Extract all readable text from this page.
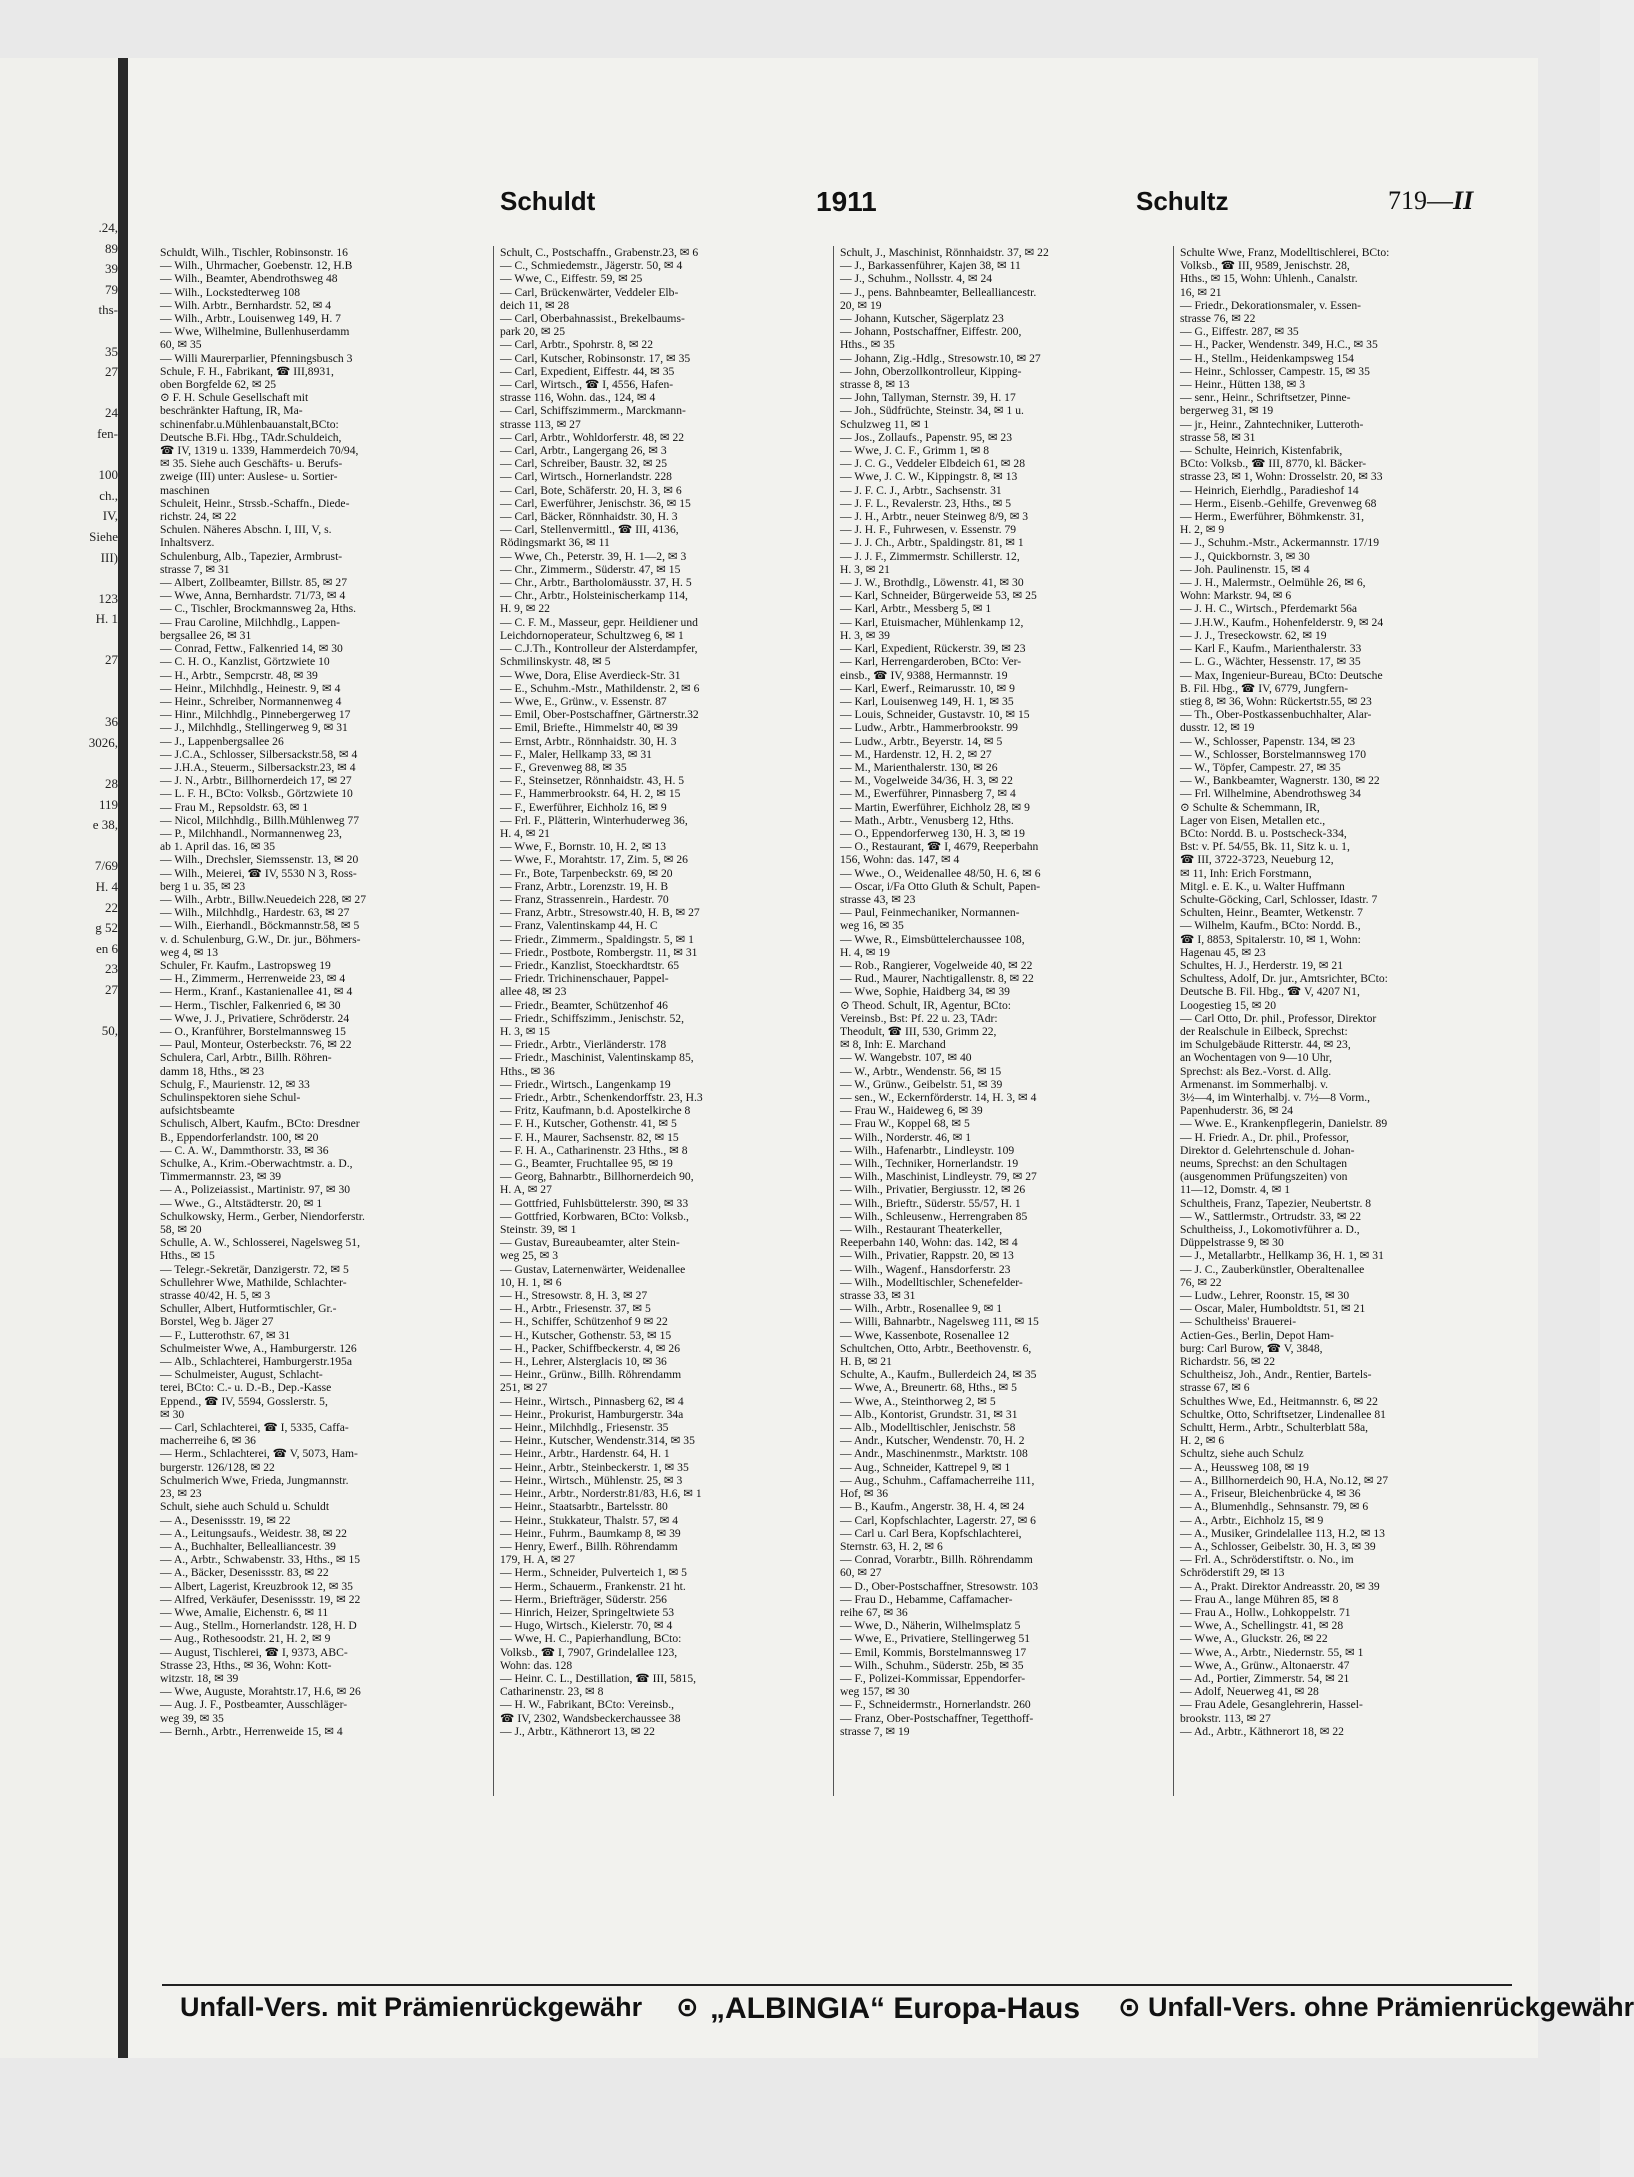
.24,
89
39
79
ths-

35
27

24
fen-

100
ch.,
IV,
Siehe
III)

123
H. 1

27

36
3026,

28
119
e 38,

7/69
H. 4
22
g 52
en 6
23
27

50,
Schuldt	1911	Schultz	719—II
Schuldt, Wilh., Tischler, Robinsonstr. 16
— Wilh., Uhrmacher, Goebenstr. 12, H.B
— Wilh., Beamter, Abendrothsweg 48
— Wilh., Lockstedterweg 108
— Wilh. Arbtr., Bernhardstr. 52, ✉ 4
— Wilh., Arbtr., Louisenweg 149, H. 7
— Wwe, Wilhelmine, Bullenhuserdamm
60, ✉ 35
— Willi Maurerparlier, Pfenningsbusch 3
Schule, F. H., Fabrikant, ☎ III,8931,
oben Borgfelde 62, ✉ 25
⊙ F. H. Schule Gesellschaft mit
beschränkter Haftung, IR, Ma-
schinenfabr.u.Mühlenbauanstalt,BCto:
Deutsche B.Fi. Hbg., TAdr.Schuldeich,
☎ IV, 1319 u. 1339, Hammerdeich 70/94,
✉ 35. Siehe auch Geschäfts- u. Berufs-
zweige (III) unter: Auslese- u. Sortier-
maschinen
Schuleit, Heinr., Strssb.-Schaffn., Diede-
richstr. 24, ✉ 22
Schulen. Näheres Abschn. I, III, V, s.
Inhaltsverz.
Schulenburg, Alb., Tapezier, Armbrust-
strasse 7, ✉ 31
— Albert, Zollbeamter, Billstr. 85, ✉ 27
— Wwe, Anna, Bernhardstr. 71/73, ✉ 4
— C., Tischler, Brockmannsweg 2a, Hths.
— Frau Caroline, Milchhdlg., Lappen-
bergsallee 26, ✉ 31
— Conrad, Fettw., Falkenried 14, ✉ 30
— C. H. O., Kanzlist, Görtzwiete 10
— H., Arbtr., Sempcrstr. 48, ✉ 39
— Heinr., Milchhdlg., Heinestr. 9, ✉ 4
— Heinr., Schreiber, Normannenweg 4
— Hinr., Milchhdlg., Pinnebergerweg 17
— J., Milchhdlg., Stellingerweg 9, ✉ 31
— J., Lappenbergsallee 26
— J.C.A., Schlosser, Silbersackstr.58, ✉ 4
— J.H.A., Steuerm., Silbersackstr.23, ✉ 4
— J. N., Arbtr., Billhornerdeich 17, ✉ 27
— L. F. H., BCto: Volksb., Görtzwiete 10
— Frau M., Repsoldstr. 63, ✉ 1
— Nicol, Milchhdlg., Billh.Mühlenweg 77
— P., Milchhandl., Normannenweg 23,
ab 1. April das. 16, ✉ 35
— Wilh., Drechsler, Siemssenstr. 13, ✉ 20
— Wilh., Meierei, ☎ IV, 5530 N 3, Ross-
berg 1 u. 35, ✉ 23
— Wilh., Arbtr., Billw.Neuedeich 228, ✉ 27
— Wilh., Milchhdlg., Hardestr. 63, ✉ 27
— Wilh., Eierhandl., Böckmannstr.58, ✉ 5
v. d. Schulenburg, G.W., Dr. jur., Böhmers-
weg 4, ✉ 13
Schuler, Fr. Kaufm., Lastropsweg 19
— H., Zimmerm., Herrenweide 23, ✉ 4
— Herm., Kranf., Kastanienallee 41, ✉ 4
— Herm., Tischler, Falkenried 6, ✉ 30
— Wwe, J. J., Privatiere, Schröderstr. 24
— O., Kranführer, Borstelmannsweg 15
— Paul, Monteur, Osterbeckstr. 76, ✉ 22
Schulera, Carl, Arbtr., Billh. Röhren-
damm 18, Hths., ✉ 23
Schulg, F., Maurienstr. 12, ✉ 33
Schulinspektoren siehe Schul-
aufsichtsbeamte
Schulisch, Albert, Kaufm., BCto: Dresdner
B., Eppendorferlandstr. 100, ✉ 20
— C. A. W., Dammthorstr. 33, ✉ 36
Schulke, A., Krim.-Oberwachtmstr. a. D.,
Timmermannstr. 23, ✉ 39
— A., Polizeiassist., Martinistr. 97, ✉ 30
— Wwe., G., Altstädterstr. 20, ✉ 1
Schulkowsky, Herm., Gerber, Niendorferstr.
58, ✉ 20
Schulle, A. W., Schlosserei, Nagelsweg 51,
Hths., ✉ 15
— Telegr.-Sekretär, Danzigerstr. 72, ✉ 5
Schullehrer Wwe, Mathilde, Schlachter-
strasse 40/42, H. 5, ✉ 3
Schuller, Albert, Hutformtischler, Gr.-
Borstel, Weg b. Jäger 27
— F., Lutterothstr. 67, ✉ 31
Schulmeister Wwe, A., Hamburgerstr. 126
— Alb., Schlachterei, Hamburgerstr.195a
— Schulmeister, August, Schlacht-
terei, BCto: C.- u. D.-B., Dep.-Kasse
Eppend., ☎ IV, 5594, Gosslerstr. 5,
✉ 30
— Carl, Schlachterei, ☎ I, 5335, Caffa-
macherreihe 6, ✉ 36
— Herm., Schlachterei, ☎ V, 5073, Ham-
burgerstr. 126/128, ✉ 22
Schulmerich Wwe, Frieda, Jungmannstr.
23, ✉ 23
Schult, siehe auch Schuld u. Schuldt
— A., Desenissstr. 19, ✉ 22
— A., Leitungsaufs., Weidestr. 38, ✉ 22
— A., Buchhalter, Bellealliancestr. 39
— A., Arbtr., Schwabenstr. 33, Hths., ✉ 15
— A., Bäcker, Desenissstr. 83, ✉ 22
— Albert, Lagerist, Kreuzbrook 12, ✉ 35
— Alfred, Verkäufer, Desenissstr. 19, ✉ 22
— Wwe, Amalie, Eichenstr. 6, ✉ 11
— Aug., Stellm., Hornerlandstr. 128, H. D
— Aug., Rothesoodstr. 21, H. 2, ✉ 9
— August, Tischlerei, ☎ I, 9373, ABC-
Strasse 23, Hths., ✉ 36, Wohn: Kott-
witzstr. 18, ✉ 39
— Wwe, Auguste, Morahtstr.17, H.6, ✉ 26
— Aug. J. F., Postbeamter, Ausschläger-
weg 39, ✉ 35
— Bernh., Arbtr., Herrenweide 15, ✉ 4
Schult, C., Postschaffn., Grabenstr.23, ✉ 6
— C., Schmiedemstr., Jägerstr. 50, ✉ 4
— Wwe, C., Eiffestr. 59, ✉ 25
— Carl, Brückenwärter, Veddeler Elb-
deich 11, ✉ 28
— Carl, Oberbahnassist., Brekelbaums-
park 20, ✉ 25
— Carl, Arbtr., Spohrstr. 8, ✉ 22
— Carl, Kutscher, Robinsonstr. 17, ✉ 35
— Carl, Expedient, Eiffestr. 44, ✉ 35
— Carl, Wirtsch., ☎ I, 4556, Hafen-
strasse 116, Wohn. das., 124, ✉ 4
— Carl, Schiffszimmerm., Marckmann-
strasse 113, ✉ 27
— Carl, Arbtr., Wohldorferstr. 48, ✉ 22
— Carl, Arbtr., Langergang 26, ✉ 3
— Carl, Schreiber, Baustr. 32, ✉ 25
— Carl, Wirtsch., Hornerlandstr. 228
— Carl, Bote, Schäferstr. 20, H. 3, ✉ 6
— Carl, Ewerführer, Jenischstr. 36, ✉ 15
— Carl, Bäcker, Rönnhaidstr. 30, H. 3
— Carl, Stellenvermittl., ☎ III, 4136,
Rödingsmarkt 36, ✉ 11
— Wwe, Ch., Peterstr. 39, H. 1—2, ✉ 3
— Chr., Zimmerm., Süderstr. 47, ✉ 15
— Chr., Arbtr., Bartholomäusstr. 37, H. 5
— Chr., Arbtr., Holsteinischerkamp 114,
H. 9, ✉ 22
— C. F. M., Masseur, gepr. Heildiener und
Leichdornoperateur, Schultzweg 6, ✉ 1
— C.J.Th., Kontrolleur der Alsterdampfer,
Schmilinskystr. 48, ✉ 5
— Wwe, Dora, Elise Averdieck-Str. 31
— E., Schuhm.-Mstr., Mathildenstr. 2, ✉ 6
— Wwe, E., Grünw., v. Essenstr. 87
— Emil, Ober-Postschaffner, Gärtnerstr.32
— Emil, Briefte., Himmelstr 40, ✉ 39
— Ernst, Arbtr., Rönnhaidstr. 30, H. 3
— F., Maler, Hellkamp 33, ✉ 31
— F., Grevenweg 88, ✉ 35
— F., Steinsetzer, Rönnhaidstr. 43, H. 5
— F., Hammerbrookstr. 64, H. 2, ✉ 15
— F., Ewerführer, Eichholz 16, ✉ 9
— Frl. F., Plätterin, Winterhuderweg 36,
H. 4, ✉ 21
— Wwe, F., Bornstr. 10, H. 2, ✉ 13
— Wwe, F., Morahtstr. 17, Zim. 5, ✉ 26
— Fr., Bote, Tarpenbeckstr. 69, ✉ 20
— Franz, Arbtr., Lorenzstr. 19, H. B
— Franz, Strassenrein., Hardestr. 70
— Franz, Arbtr., Stresowstr.40, H. B, ✉ 27
— Franz, Valentinskamp 44, H. C
— Friedr., Zimmerm., Spaldingstr. 5, ✉ 1
— Friedr., Postbote, Rombergstr. 11, ✉ 31
— Friedr., Kanzlist, Stoeckhardtstr. 65
— Friedr. Trichinenschauer, Pappel-
allee 48, ✉ 23
— Friedr., Beamter, Schützenhof 46
— Friedr., Schiffszimm., Jenischstr. 52,
H. 3, ✉ 15
— Friedr., Arbtr., Vierländerstr. 178
— Friedr., Maschinist, Valentinskamp 85,
Hths., ✉ 36
— Friedr., Wirtsch., Langenkamp 19
— Friedr., Arbtr., Schenkendorffstr. 23, H.3
— Fritz, Kaufmann, b.d. Apostelkirche 8
— F. H., Kutscher, Gothenstr. 41, ✉ 5
— F. H., Maurer, Sachsenstr. 82, ✉ 15
— F. H. A., Catharinenstr. 23 Hths., ✉ 8
— G., Beamter, Fruchtallee 95, ✉ 19
— Georg, Bahnarbtr., Billhornerdeich 90,
H. A, ✉ 27
— Gottfried, Fuhlsbüttelerstr. 390, ✉ 33
— Gottfried, Korbwaren, BCto: Volksb.,
Steinstr. 39, ✉ 1
— Gustav, Bureaubeamter, alter Stein-
weg 25, ✉ 3
— Gustav, Laternenwärter, Weidenallee
10, H. 1, ✉ 6
— H., Stresowstr. 8, H. 3, ✉ 27
— H., Arbtr., Friesenstr. 37, ✉ 5
— H., Schiffer, Schützenhof 9 ✉ 22
— H., Kutscher, Gothenstr. 53, ✉ 15
— H., Packer, Schiffbeckerstr. 4, ✉ 26
— H., Lehrer, Alsterglacis 10, ✉ 36
— Heinr., Grünw., Billh. Röhrendamm
251, ✉ 27
— Heinr., Wirtsch., Pinnasberg 62, ✉ 4
— Heinr., Prokurist, Hamburgerstr. 34a
— Heinr., Milchhdlg., Friesenstr. 35
— Heinr., Kutscher, Wendenstr.314, ✉ 35
— Heinr., Arbtr., Hardenstr. 64, H. 1
— Heinr., Arbtr., Steinbeckerstr. 1, ✉ 35
— Heinr., Wirtsch., Mühlenstr. 25, ✉ 3
— Heinr., Arbtr., Norderstr.81/83, H.6, ✉ 1
— Heinr., Staatsarbtr., Bartelsstr. 80
— Heinr., Stukkateur, Thalstr. 57, ✉ 4
— Heinr., Fuhrm., Baumkamp 8, ✉ 39
— Henry, Ewerf., Billh. Röhrendamm
179, H. A, ✉ 27
— Herm., Schneider, Pulverteich 1, ✉ 5
— Herm., Schauerm., Frankenstr. 21 ht.
— Herm., Briefträger, Süderstr. 256
— Hinrich, Heizer, Springeltwiete 53
— Hugo, Wirtsch., Kielerstr. 70, ✉ 4
— Wwe, H. C., Papierhandlung, BCto:
Volksb., ☎ I, 7907, Grindelallee 123,
Wohn: das. 128
— Heinr. C. L., Destillation, ☎ III, 5815,
Catharinenstr. 23, ✉ 8
— H. W., Fabrikant, BCto: Vereinsb.,
☎ IV, 2302, Wandsbeckerchaussee 38
— J., Arbtr., Käthnerort 13, ✉ 22
Schult, J., Maschinist, Rönnhaidstr. 37, ✉ 22
— J., Barkassenführer, Kajen 38, ✉ 11
— J., Schuhm., Nollsstr. 4, ✉ 24
— J., pens. Bahnbeamter, Bellealliancestr.
20, ✉ 19
— Johann, Kutscher, Sägerplatz 23
— Johann, Postschaffner, Eiffestr. 200,
Hths., ✉ 35
— Johann, Zig.-Hdlg., Stresowstr.10, ✉ 27
— John, Oberzollkontrolleur, Kipping-
strasse 8, ✉ 13
— John, Tallyman, Sternstr. 39, H. 17
— Joh., Südfrüchte, Steinstr. 34, ✉ 1 u.
Schulzweg 11, ✉ 1
— Jos., Zollaufs., Papenstr. 95, ✉ 23
— Wwe, J. C. F., Grimm 1, ✉ 8
— J. C. G., Veddeler Elbdeich 61, ✉ 28
— Wwe, J. C. W., Kippingstr. 8, ✉ 13
— J. F. C. J., Arbtr., Sachsenstr. 31
— J. F. L., Revalerstr. 23, Hths., ✉ 5
— J. H., Arbtr., neuer Steinweg 8/9, ✉ 3
— J. H. F., Fuhrwesen, v. Essenstr. 79
— J. J. Ch., Arbtr., Spaldingstr. 81, ✉ 1
— J. J. F., Zimmermstr. Schillerstr. 12,
H. 3, ✉ 21
— J. W., Brothdlg., Löwenstr. 41, ✉ 30
— Karl, Schneider, Bürgerweide 53, ✉ 25
— Karl, Arbtr., Messberg 5, ✉ 1
— Karl, Etuismacher, Mühlenkamp 12,
H. 3, ✉ 39
— Karl, Expedient, Rückerstr. 39, ✉ 23
— Karl, Herrengarderoben, BCto: Ver-
einsb., ☎ IV, 9388, Hermannstr. 19
— Karl, Ewerf., Reimarusstr. 10, ✉ 9
— Karl, Louisenweg 149, H. 1, ✉ 35
— Louis, Schneider, Gustavstr. 10, ✉ 15
— Ludw., Arbtr., Hammerbrookstr. 99
— Ludw., Arbtr., Beyerstr. 14, ✉ 5
— M., Hardenstr. 12, H. 2, ✉ 27
— M., Marienthalerstr. 130, ✉ 26
— M., Vogelweide 34/36, H. 3, ✉ 22
— M., Ewerführer, Pinnasberg 7, ✉ 4
— Martin, Ewerführer, Eichholz 28, ✉ 9
— Math., Arbtr., Venusberg 12, Hths.
— O., Eppendorferweg 130, H. 3, ✉ 19
— O., Restaurant, ☎ I, 4679, Reeperbahn
156, Wohn: das. 147, ✉ 4
— Wwe., O., Weidenallee 48/50, H. 6, ✉ 6
— Oscar, i/Fa Otto Gluth & Schult, Papen-
strasse 43, ✉ 23
— Paul, Feinmechaniker, Normannen-
weg 16, ✉ 35
— Wwe, R., Eimsbüttelerchaussee 108,
H. 4, ✉ 19
— Rob., Rangierer, Vogelweide 40, ✉ 22
— Rud., Maurer, Nachtigallenstr. 8, ✉ 22
— Wwe, Sophie, Haidberg 34, ✉ 39
⊙ Theod. Schult, IR, Agentur, BCto:
Vereinsb., Bst: Pf. 22 u. 23, TAdr:
Theodult, ☎ III, 530, Grimm 22,
✉ 8, Inh: E. Marchand
— W. Wangebstr. 107, ✉ 40
— W., Arbtr., Wendenstr. 56, ✉ 15
— W., Grünw., Geibelstr. 51, ✉ 39
— sen., W., Eckernförderstr. 14, H. 3, ✉ 4
— Frau W., Haideweg 6, ✉ 39
— Frau W., Koppel 68, ✉ 5
— Wilh., Norderstr. 46, ✉ 1
— Wilh., Hafenarbtr., Lindleystr. 109
— Wilh., Techniker, Hornerlandstr. 19
— Wilh., Maschinist, Lindleystr. 79, ✉ 27
— Wilh., Privatier, Bergiusstr. 12, ✉ 26
— Wilh., Brieftr., Süderstr. 55/57, H. 1
— Wilh., Schleusenw., Herrengraben 85
— Wilh., Restaurant Theaterkeller,
Reeperbahn 140, Wohn: das. 142, ✉ 4
— Wilh., Privatier, Rappstr. 20, ✉ 13
— Wilh., Wagenf., Hansdorferstr. 23
— Wilh., Modelltischler, Schenefelder-
strasse 33, ✉ 31
— Wilh., Arbtr., Rosenallee 9, ✉ 1
— Willi, Bahnarbtr., Nagelsweg 111, ✉ 15
— Wwe, Kassenbote, Rosenallee 12
Schultchen, Otto, Arbtr., Beethovenstr. 6,
H. B, ✉ 21
Schulte, A., Kaufm., Bullerdeich 24, ✉ 35
— Wwe, A., Breunertr. 68, Hths., ✉ 5
— Wwe, A., Steinthorweg 2, ✉ 5
— Alb., Kontorist, Grundstr. 31, ✉ 31
— Alb., Modelltischler, Jenischstr. 58
— Andr., Kutscher, Wendenstr. 70, H. 2
— Andr., Maschinenmstr., Marktstr. 108
— Aug., Schneider, Kattrepel 9, ✉ 1
— Aug., Schuhm., Caffamacherreihe 111,
Hof, ✉ 36
— B., Kaufm., Angerstr. 38, H. 4, ✉ 24
— Carl, Kopfschlachter, Lagerstr. 27, ✉ 6
— Carl u. Carl Bera, Kopfschlachterei,
Sternstr. 63, H. 2, ✉ 6
— Conrad, Vorarbtr., Billh. Röhrendamm
60, ✉ 27
— D., Ober-Postschaffner, Stresowstr. 103
— Frau D., Hebamme, Caffamacher-
reihe 67, ✉ 36
— Wwe, D., Näherin, Wilhelmsplatz 5
— Wwe, E., Privatiere, Stellingerweg 51
— Emil, Kommis, Borstelmannsweg 17
— Wilh., Schuhm., Süderstr. 25b, ✉ 35
— F., Polizei-Kommissar, Eppendorfer-
weg 157, ✉ 30
— F., Schneidermstr., Hornerlandstr. 260
— Franz, Ober-Postschaffner, Tegetthoff-
strasse 7, ✉ 19
Schulte Wwe, Franz, Modelltischlerei, BCto:
Volksb., ☎ III, 9589, Jenischstr. 28,
Hths., ✉ 15, Wohn: Uhlenh., Canalstr.
16, ✉ 21
— Friedr., Dekorationsmaler, v. Essen-
strasse 76, ✉ 22
— G., Eiffestr. 287, ✉ 35
— H., Packer, Wendenstr. 349, H.C., ✉ 35
— H., Stellm., Heidenkampsweg 154
— Heinr., Schlosser, Campestr. 15, ✉ 35
— Heinr., Hütten 138, ✉ 3
— senr., Heinr., Schriftsetzer, Pinne-
bergerweg 31, ✉ 19
— jr., Heinr., Zahntechniker, Lutteroth-
strasse 58, ✉ 31
— Schulte, Heinrich, Kistenfabrik,
BCto: Volksb., ☎ III, 8770, kl. Bäcker-
strasse 23, ✉ 1, Wohn: Drosselstr. 20, ✉ 33
— Heinrich, Eierhdlg., Paradieshof 14
— Herm., Eisenb.-Gehilfe, Grevenweg 68
— Herm., Ewerführer, Böhmkenstr. 31,
H. 2, ✉ 9
— J., Schuhm.-Mstr., Ackermannstr. 17/19
— J., Quickbornstr. 3, ✉ 30
— Joh. Paulinenstr. 15, ✉ 4
— J. H., Malermstr., Oelmühle 26, ✉ 6,
Wohn: Markstr. 94, ✉ 6
— J. H. C., Wirtsch., Pferdemarkt 56a
— J.H.W., Kaufm., Hohenfelderstr. 9, ✉ 24
— J. J., Treseckowstr. 62, ✉ 19
— Karl F., Kaufm., Marienthalerstr. 33
— L. G., Wächter, Hessenstr. 17, ✉ 35
— Max, Ingenieur-Bureau, BCto: Deutsche
B. Fil. Hbg., ☎ IV, 6779, Jungfern-
stieg 8, ✉ 36, Wohn: Rückertstr.55, ✉ 23
— Th., Ober-Postkassenbuchhalter, Alar-
dusstr. 12, ✉ 19
— W., Schlosser, Papenstr. 134, ✉ 23
— W., Schlosser, Borstelmannsweg 170
— W., Töpfer, Campestr. 27, ✉ 35
— W., Bankbeamter, Wagnerstr. 130, ✉ 22
— Frl. Wilhelmine, Abendrothsweg 34
⊙ Schulte & Schemmann, IR,
Lager von Eisen, Metallen etc.,
BCto: Nordd. B. u. Postscheck-334,
Bst: v. Pf. 54/55, Bk. 11, Sitz k. u. 1,
☎ III, 3722-3723, Neueburg 12,
✉ 11, Inh: Erich Forstmann,
Mitgl. e. E. K., u. Walter Huffmann
Schulte-Göcking, Carl, Schlosser, Idastr. 7
Schulten, Heinr., Beamter, Wetkenstr. 7
— Wilhelm, Kaufm., BCto: Nordd. B.,
☎ I, 8853, Spitalerstr. 10, ✉ 1, Wohn:
Hagenau 45, ✉ 23
Schultes, H. J., Herderstr. 19, ✉ 21
Schultess, Adolf, Dr. jur., Amtsrichter, BCto:
Deutsche B. Fil. Hbg., ☎ V, 4207 N1,
Loogestieg 15, ✉ 20
— Carl Otto, Dr. phil., Professor, Direktor
der Realschule in Eilbeck, Sprechst:
im Schulgebäude Ritterstr. 44, ✉ 23,
an Wochentagen von 9—10 Uhr,
Sprechst: als Bez.-Vorst. d. Allg.
Armenanst. im Sommerhalbj. v.
3½—4, im Winterhalbj. v. 7½—8 Vorm.,
Papenhuderstr. 36, ✉ 24
— Wwe. E., Krankenpflegerin, Danielstr. 89
— H. Friedr. A., Dr. phil., Professor,
Direktor d. Gelehrtenschule d. Johan-
neums, Sprechst: an den Schultagen
(ausgenommen Prüfungszeiten) von
11—12, Domstr. 4, ✉ 1
Schultheis, Franz, Tapezier, Neubertstr. 8
— W., Sattlermstr., Ortrudstr. 33, ✉ 22
Schultheiss, J., Lokomotivführer a. D.,
Düppelstrasse 9, ✉ 30
— J., Metallarbtr., Hellkamp 36, H. 1, ✉ 31
— J. C., Zauberkünstler, Oberaltenallee
76, ✉ 22
— Ludw., Lehrer, Roonstr. 15, ✉ 30
— Oscar, Maler, Humboldtstr. 51, ✉ 21
— Schultheiss' Brauerei-
Actien-Ges., Berlin, Depot Ham-
burg: Carl Burow, ☎ V, 3848,
Richardstr. 56, ✉ 22
Schultheisz, Joh., Andr., Rentier, Bartels-
strasse 67, ✉ 6
Schulthes Wwe, Ed., Heitmannstr. 6, ✉ 22
Schultke, Otto, Schriftsetzer, Lindenallee 81
Schultt, Herm., Arbtr., Schulterblatt 58a,
H. 2, ✉ 6
Schultz, siehe auch Schulz
— A., Heussweg 108, ✉ 19
— A., Billhornerdeich 90, H.A, No.12, ✉ 27
— A., Friseur, Bleichenbrücke 4, ✉ 36
— A., Blumenhdlg., Sehnsanstr. 79, ✉ 6
— A., Arbtr., Eichholz 15, ✉ 9
— A., Musiker, Grindelallee 113, H.2, ✉ 13
— A., Schlosser, Geibelstr. 30, H. 3, ✉ 39
— Frl. A., Schröderstiftstr. o. No., im
Schröderstift 29, ✉ 13
— A., Prakt. Direktor Andreasstr. 20, ✉ 39
— Frau A., lange Mühren 85, ✉ 8
— Frau A., Hollw., Lohkoppelstr. 71
— Wwe, A., Schellingstr. 41, ✉ 28
— Wwe, A., Gluckstr. 26, ✉ 22
— Wwe, A., Arbtr., Niedernstr. 55, ✉ 1
— Wwe, A., Grünw., Altonaerstr. 47
— Ad., Portier, Zimmerstr. 54, ✉ 21
— Adolf, Neuerweg 41, ✉ 28
— Frau Adele, Gesanglehrerin, Hassel-
brookstr. 113, ✉ 27
— Ad., Arbtr., Käthnerort 18, ✉ 22
Unfall-Vers. mit Prämienrückgewähr ⊙ „ALBINGIA“ Europa-Haus ⊙ Unfall-Vers. ohne Prämienrückgewähr
